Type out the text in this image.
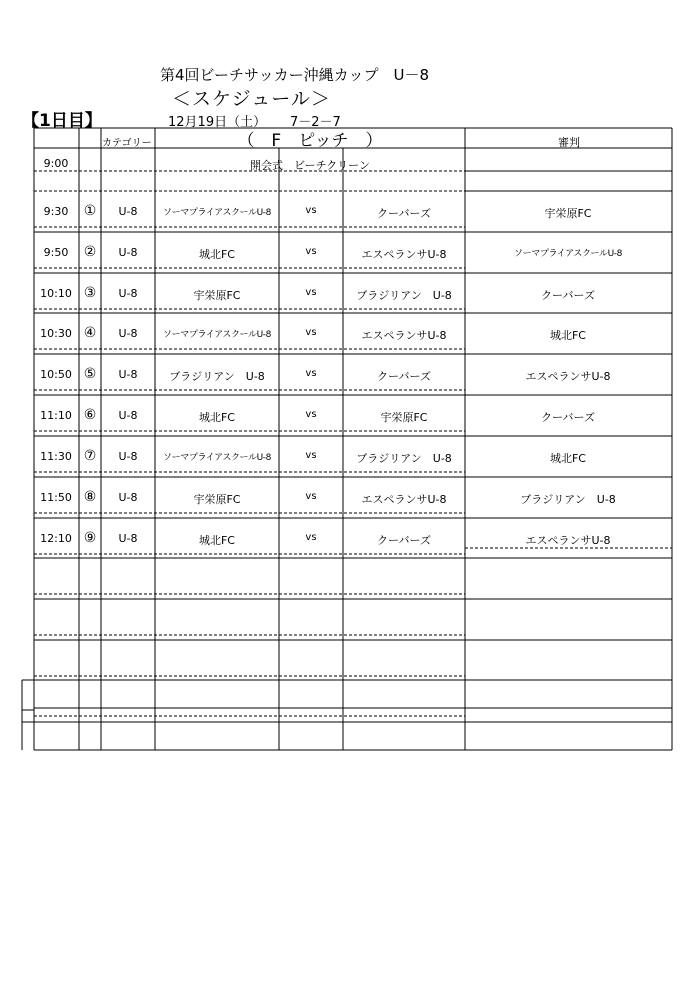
第4回ビーチサッカー沖縄カップ　U－8
＜スケジュール＞
【1日目】	12月19日（土） 7－2－7
カテゴリー	（　F　ピッチ　）	審判
9:00	開会式　ビーチクリーン
9:30	①	U-8	ソーマプライアスクールU-8	vs	クーバーズ	宇栄原FC
9:50	②	U-8	城北FC	vs	エスペランサU-8	ソーマプライアスクールU-8
10:10 ③	U-8	宇栄原FC	vs	ブラジリアン　U-8	クーバーズ
10:30 ④	U-8	ソーマプライアスクールU-8	vs	エスペランサU-8	城北FC
10:50 ⑤	U-8	ブラジリアン　U-8	vs	クーバーズ	エスペランサU-8
11:10 ⑥	U-8	城北FC	vs	宇栄原FC	クーバーズ
11:30 ⑦	U-8	ソーマプライアスクールU-8	vs	ブラジリアン　U-8	城北FC
11:50 ⑧	U-8	宇栄原FC	vs	エスペランサU-8	ブラジリアン　U-8
12:10 ⑨	U-8	城北FC	vs	クーバーズ	エスペランサU-8
